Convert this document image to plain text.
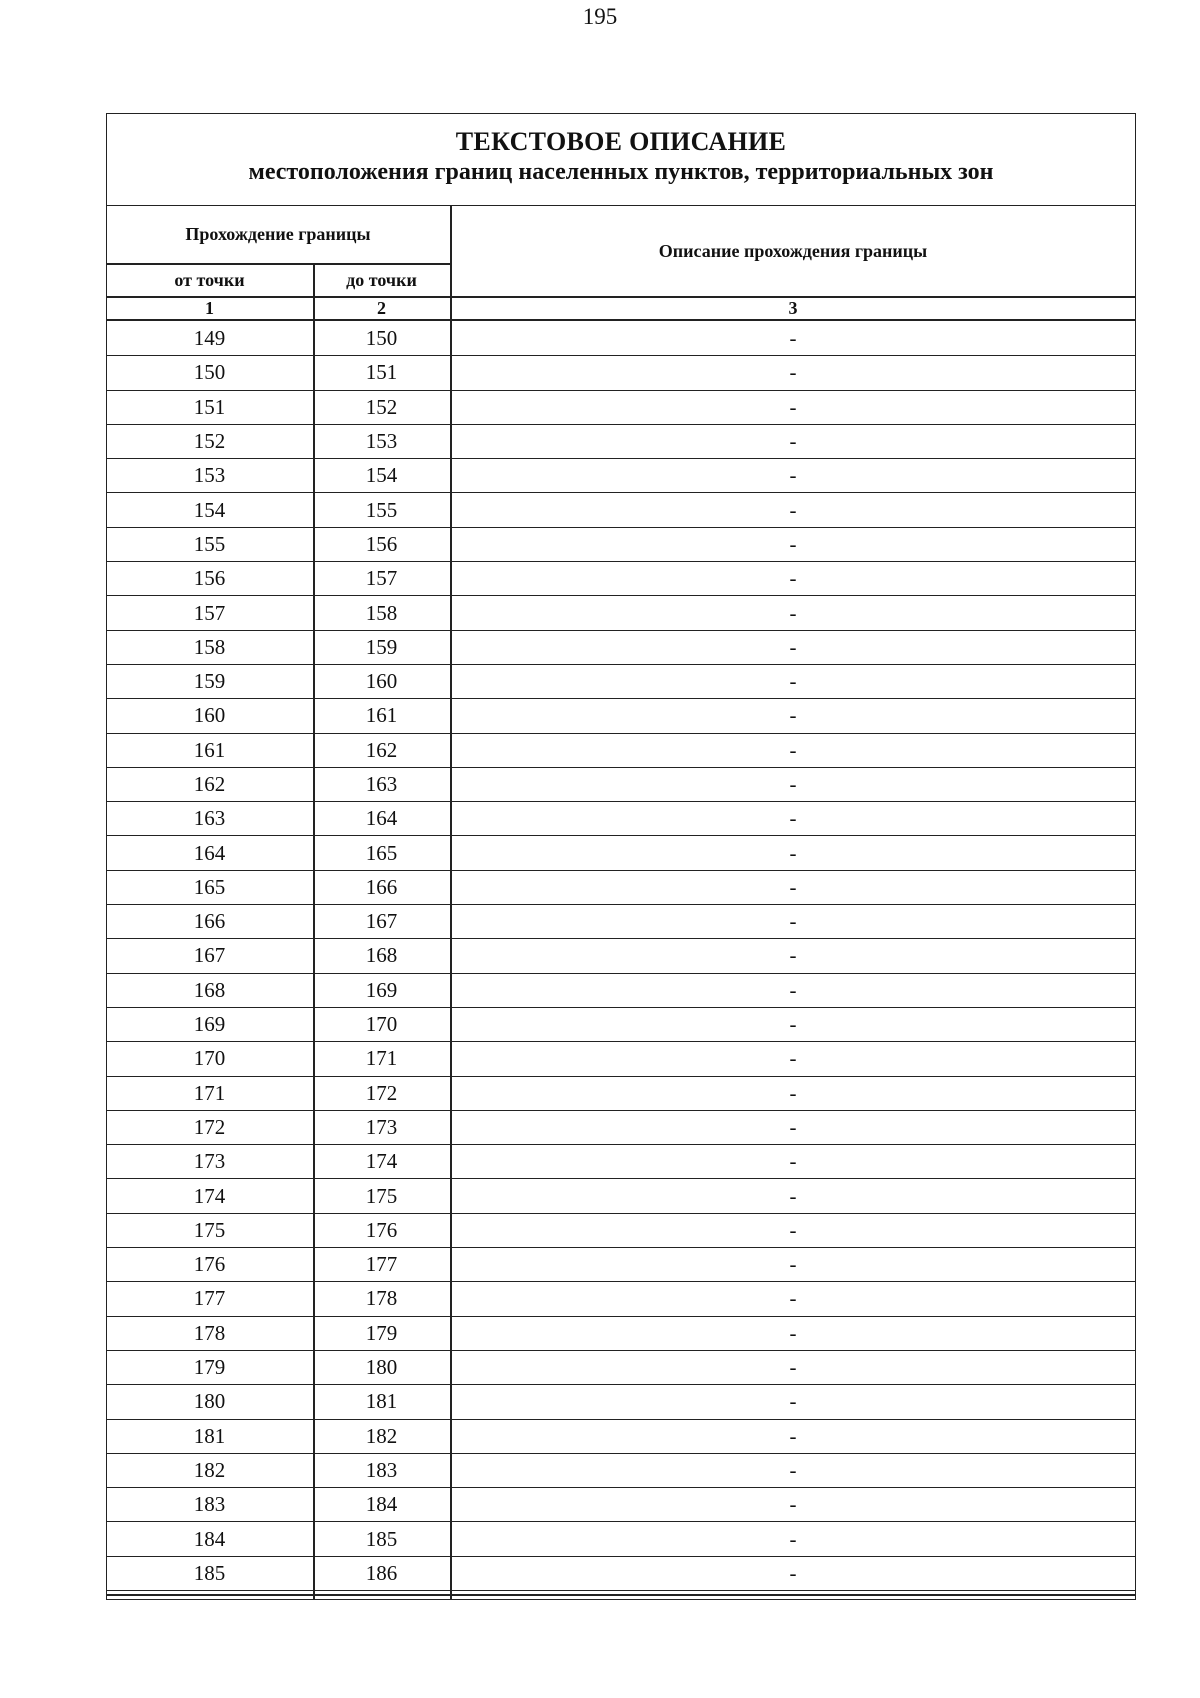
195
ТЕКСТОВОЕ ОПИСАНИЕ
местоположения границ населенных пунктов, территориальных зон
Прохождение границы
от точки	до точки
Описание прохождения границы
1	2	3
149	150	-
150	151	-
151	152	-
152	153	-
153	154	-
154	155	-
155	156	-
156	157	-
157	158	-
158	159	-
159	160	-
160	161	-
161	162	-
162	163	-
163	164	-
164	165	-
165	166	-
166	167	-
167	168	-
168	169	-
169	170	-
170	171	-
171	172	-
172	173	-
173	174	-
174	175	-
175	176	-
176	177	-
177	178	-
178	179	-
179	180	-
180	181	-
181	182	-
182	183	-
183	184	-
184	185	-
185	186	-
